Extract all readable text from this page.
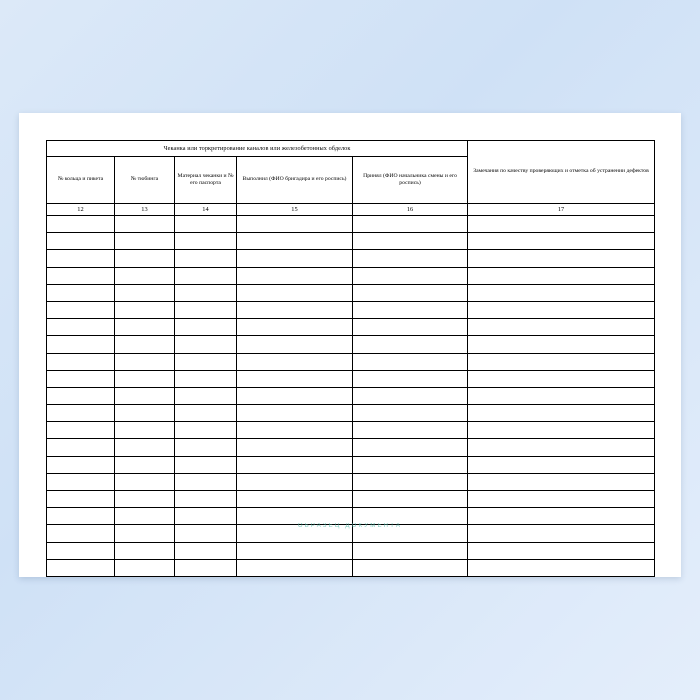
Чеканка или торкретирование каналов или железобетонных обделок					Замечания по качеству проверяющих и отметка об устранении дефектов

№ кольца и пикета	№ тюбинга	Материал чеканки и № его паспорта	Выполнил (ФИО бригадира и его роспись)	Принял (ФИО начальника смены и его роспись)	

12	13	14	15	16	17

ОБРАЗЕЦ ДОКУМЕНТА
